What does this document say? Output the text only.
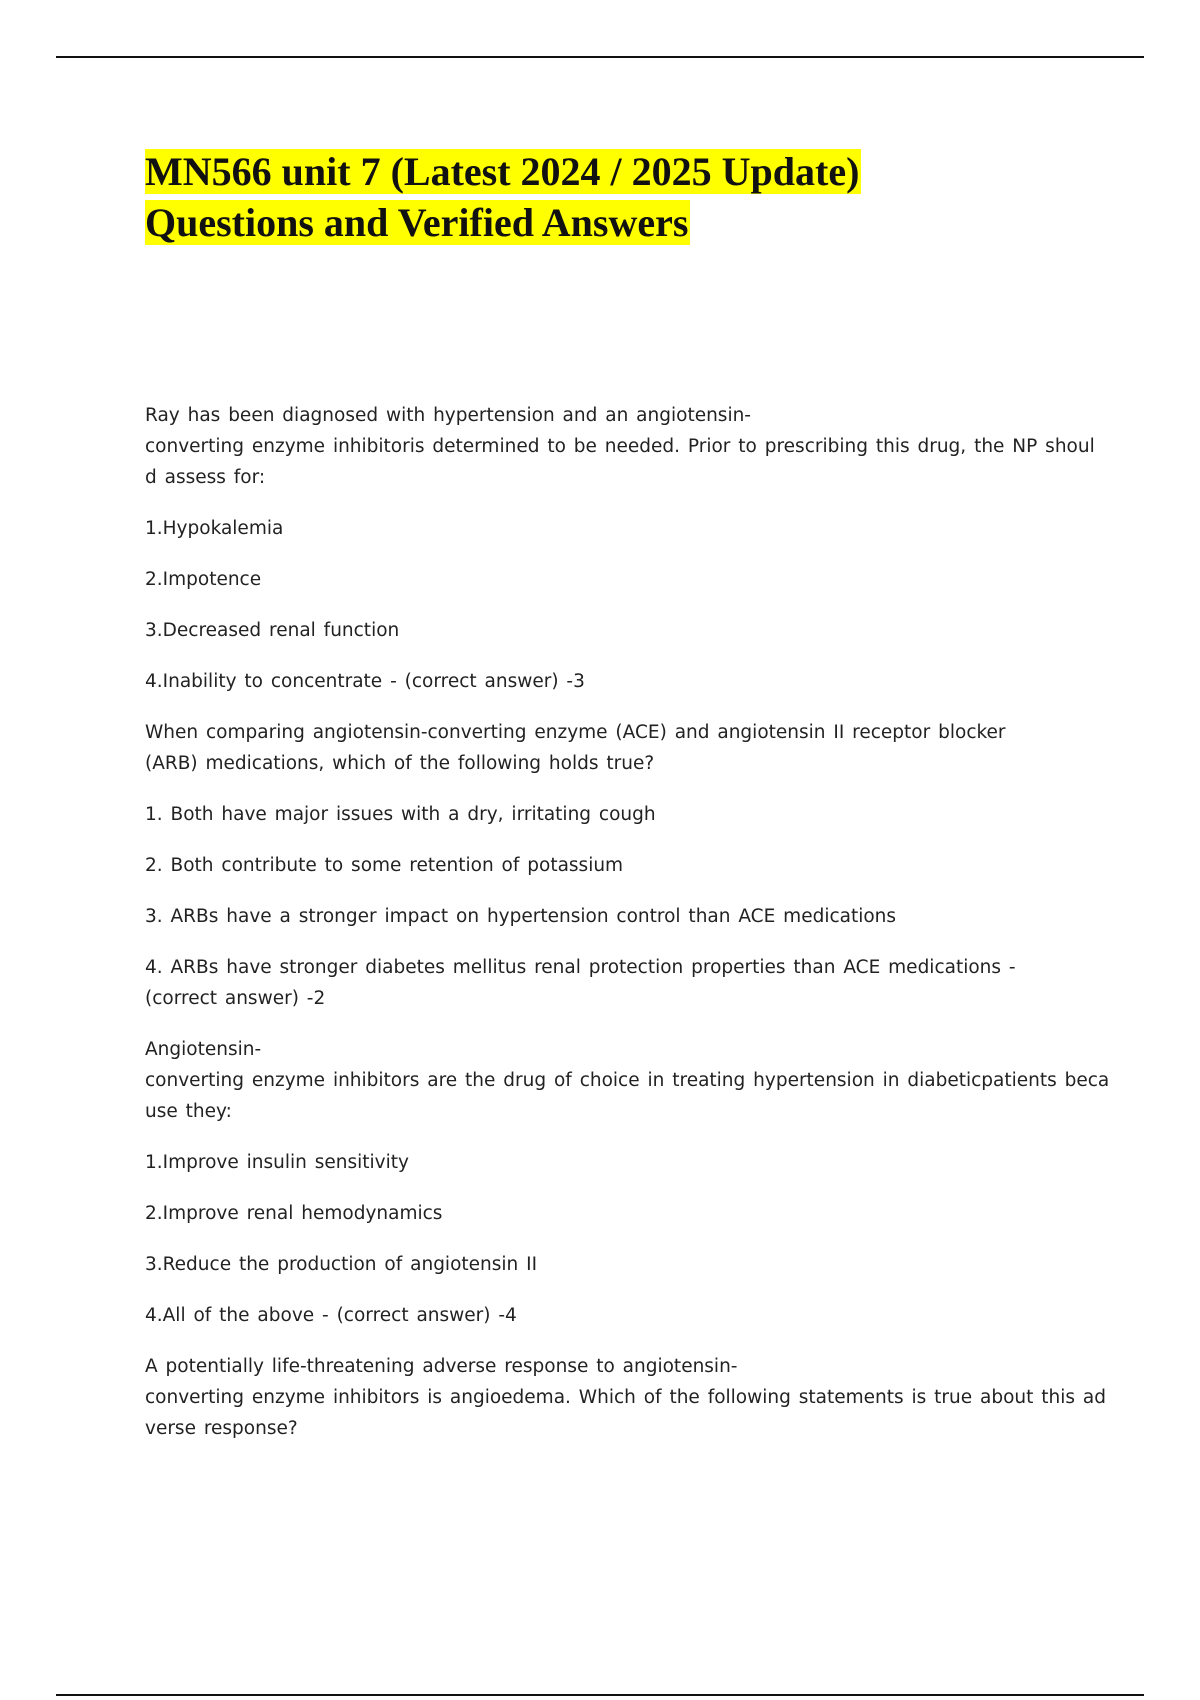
MN566 unit 7 (Latest 2024 / 2025 Update)
Questions and Verified Answers

Ray has been diagnosed with hypertension and an angiotensin-
converting enzyme inhibitoris determined to be needed. Prior to prescribing this drug, the NP shoul
d assess for:

1.Hypokalemia

2.Impotence

3.Decreased renal function

4.Inability to concentrate - (correct answer) -3

When comparing angiotensin-converting enzyme (ACE) and angiotensin II receptor blocker
(ARB) medications, which of the following holds true?

1. Both have major issues with a dry, irritating cough

2. Both contribute to some retention of potassium

3. ARBs have a stronger impact on hypertension control than ACE medications

4. ARBs have stronger diabetes mellitus renal protection properties than ACE medications -
(correct answer) -2

Angiotensin-
converting enzyme inhibitors are the drug of choice in treating hypertension in diabeticpatients beca
use they:

1.Improve insulin sensitivity

2.Improve renal hemodynamics

3.Reduce the production of angiotensin II

4.All of the above - (correct answer) -4

A potentially life-threatening adverse response to angiotensin-
converting enzyme inhibitors is angioedema. Which of the following statements is true about this ad
verse response?
